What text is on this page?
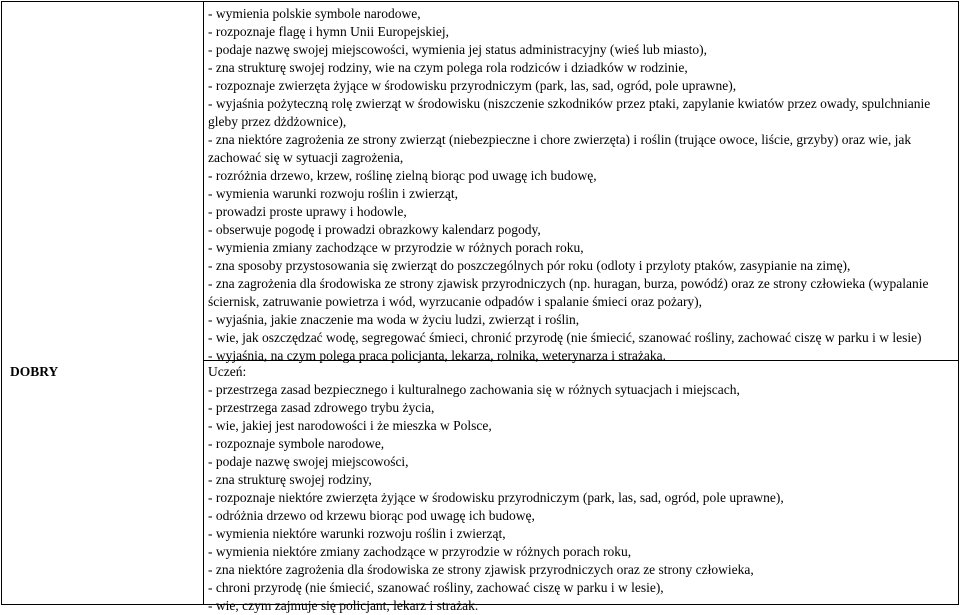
DOBRY

- wymienia polskie symbole narodowe,

- rozpoznaje flagę i hymn Unii Europejskiej,

- podaje nazwę swojej miejscowości, wymienia jej status administracyjny (wieś lub miasto),

- zna strukturę swojej rodziny, wie na czym polega rola rodziców i dziadków w rodzinie,

- rozpoznaje zwierzęta żyjące w środowisku przyrodniczym (park, las, sad, ogród, pole uprawne),

- wyjaśnia pożyteczną rolę zwierząt w środowisku (niszczenie szkodników przez ptaki, zapylanie kwiatów przez owady, spulchnianie gleby przez dżdżownice),

- zna niektóre zagrożenia ze strony zwierząt (niebezpieczne i chore zwierzęta) i roślin (trujące owoce, liście, grzyby) oraz wie, jak zachować się w sytuacji zagrożenia,

- rozróżnia drzewo, krzew, roślinę zielną biorąc pod uwagę ich budowę,

- wymienia warunki rozwoju roślin i zwierząt,

- prowadzi proste uprawy i hodowle,

- obserwuje pogodę i prowadzi obrazkowy kalendarz pogody,

- wymienia zmiany zachodzące w przyrodzie w różnych porach roku,

- zna sposoby przystosowania się zwierząt do poszczególnych pór roku (odloty i przyloty ptaków, zasypianie na zimę),

- zna zagrożenia dla środowiska ze strony zjawisk przyrodniczych (np. huragan, burza, powódź) oraz ze strony człowieka (wypalanie ściernisk, zatruwanie powietrza i wód, wyrzucanie odpadów i spalanie śmieci oraz pożary),

- wyjaśnia, jakie znaczenie ma woda w życiu ludzi, zwierząt i roślin,

- wie, jak oszczędzać wodę, segregować śmieci, chronić przyrodę (nie śmiecić, szanować rośliny, zachować ciszę w parku i w lesie)

- wyjaśnia, na czym polega praca policjanta, lekarza, rolnika, weterynarza i strażaka.

Uczeń:

- przestrzega zasad bezpiecznego i kulturalnego zachowania się w różnych sytuacjach i miejscach,

- przestrzega zasad zdrowego trybu życia,

- wie, jakiej jest narodowości i że mieszka w Polsce,

- rozpoznaje symbole narodowe,

- podaje nazwę swojej miejscowości,

- zna strukturę swojej rodziny,

- rozpoznaje niektóre zwierzęta żyjące w środowisku przyrodniczym (park, las, sad, ogród, pole uprawne),

- odróżnia drzewo od krzewu biorąc pod uwagę ich budowę,

- wymienia niektóre warunki rozwoju roślin i zwierząt,

- wymienia niektóre zmiany zachodzące w przyrodzie w różnych porach roku,

- zna niektóre zagrożenia dla środowiska ze strony zjawisk przyrodniczych oraz ze strony człowieka,

- chroni przyrodę (nie śmiecić, szanować rośliny, zachować ciszę w parku i w lesie),

- wie, czym zajmuje się policjant, lekarz i strażak.
